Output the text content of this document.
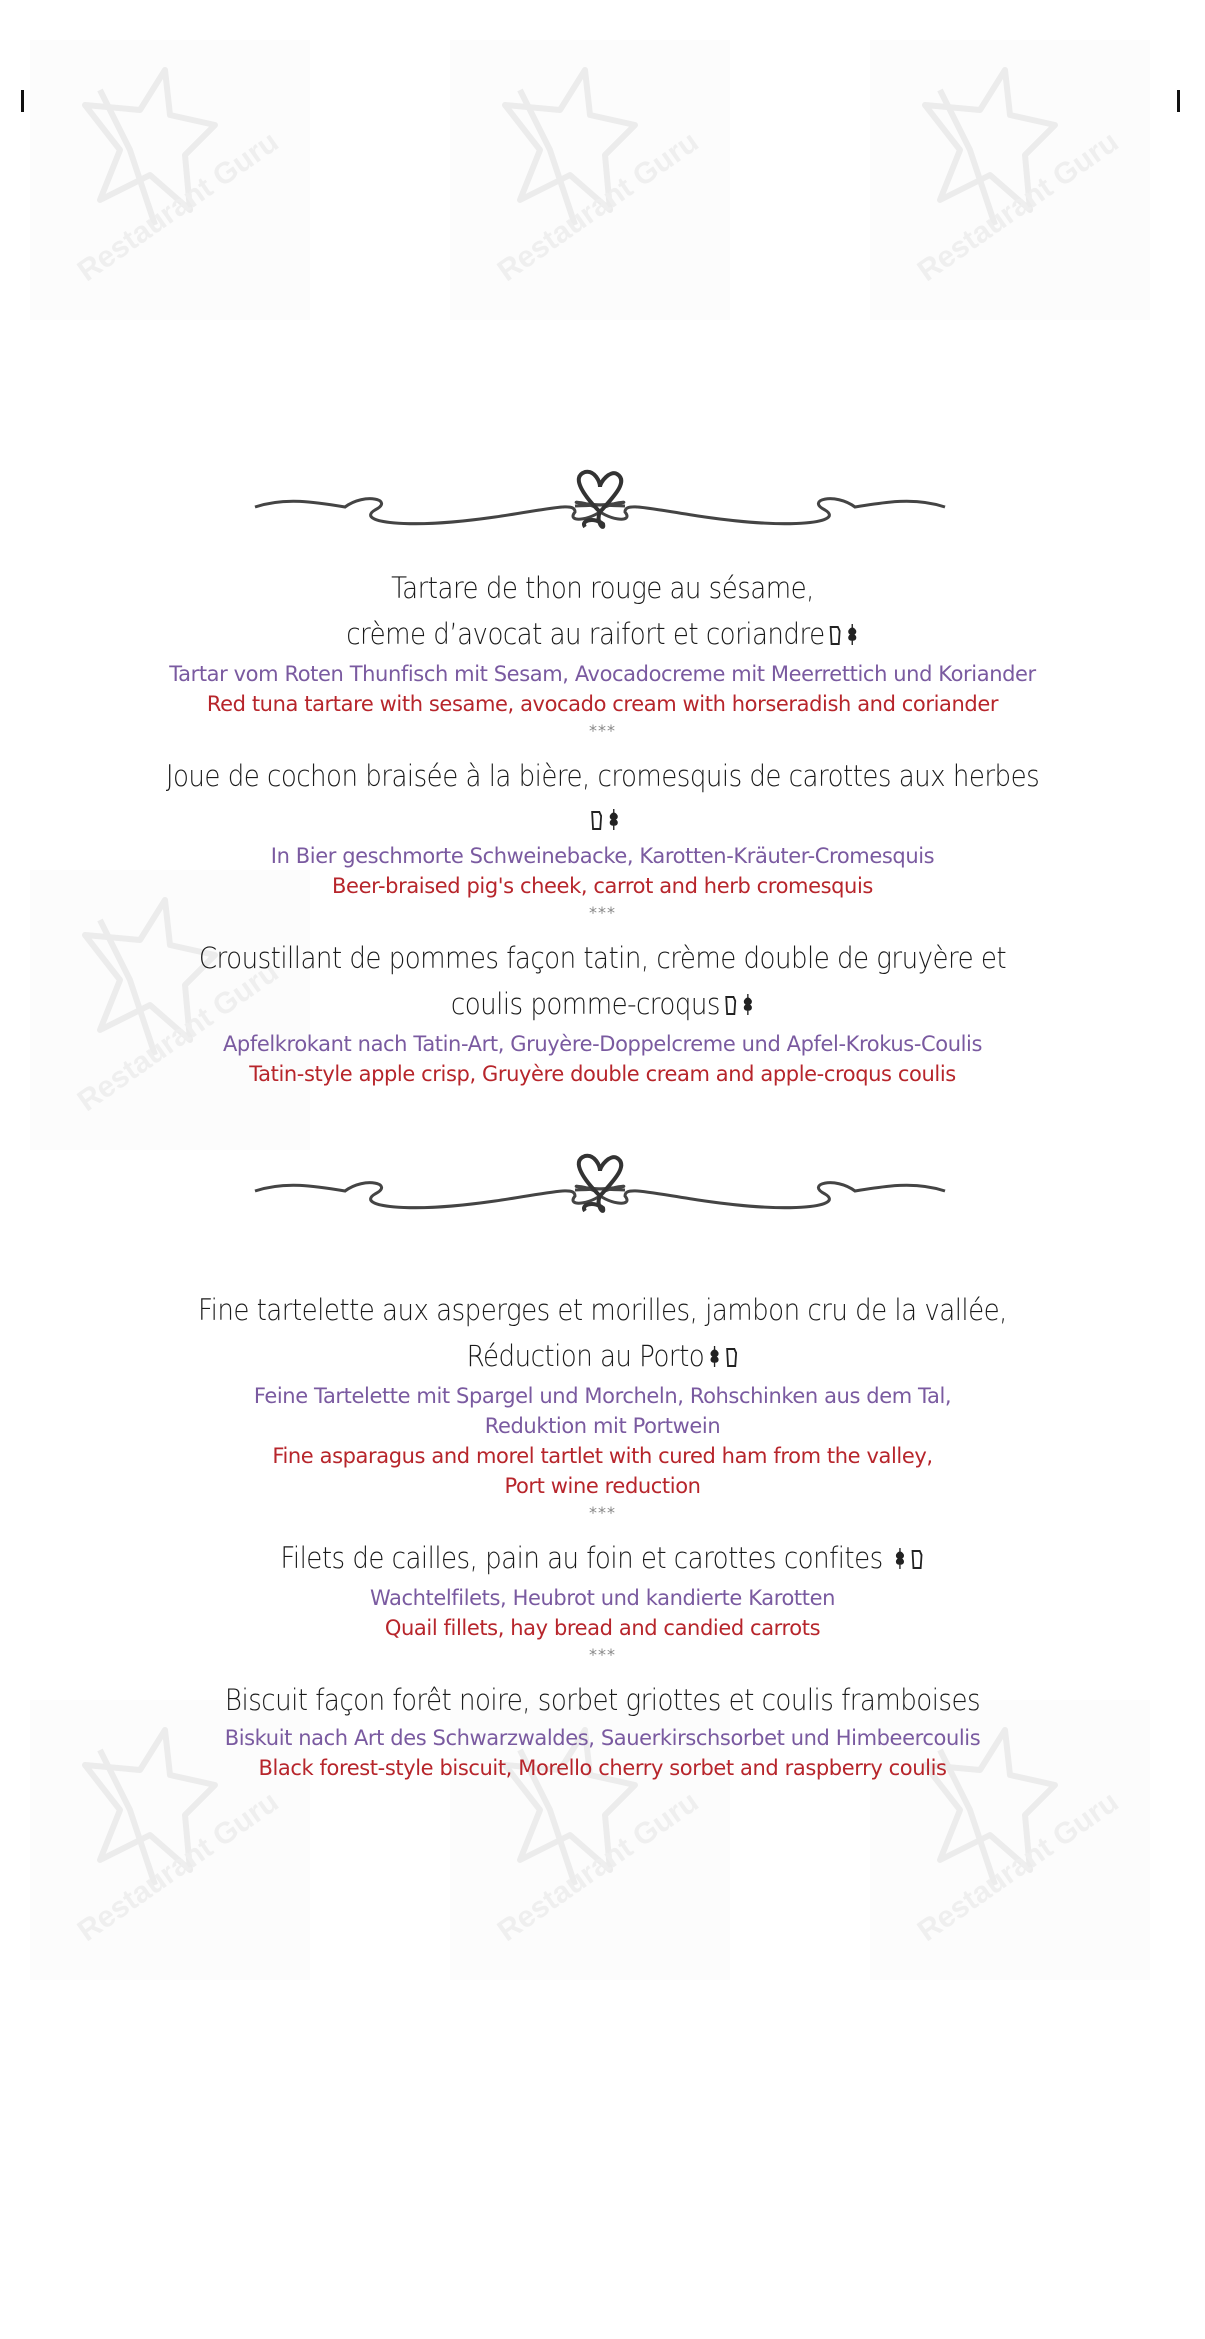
Restaurant Guru	Restaurant Guru	Restaurant Guru
Restaurant Guru
Restaurant Guru	Restaurant Guru
Restaurant Guru
Tartare de thon rouge au sésame,
crème d’avocat au raifort et coriandre
Tartar vom Roten Thunfisch mit Sesam, Avocadocreme mit Meerrettich und Koriander
Red tuna tartare with sesame, avocado cream with horseradish and coriander
***
Joue de cochon braisée à la bière, cromesquis de carottes aux herbes
In Bier geschmorte Schweinebacke, Karotten-Kräuter-Cromesquis
Beer-braised pig's cheek, carrot and herb cromesquis
***
Croustillant de pommes façon tatin, crème double de gruyère et
coulis pomme-croqus
Apfelkrokant nach Tatin-Art, Gruyère-Doppelcreme und Apfel-Krokus-Coulis
Tatin-style apple crisp, Gruyère double cream and apple-croqus coulis
Fine tartelette aux asperges et morilles, jambon cru de la vallée,
Réduction au Porto
Feine Tartelette mit Spargel und Morcheln, Rohschinken aus dem Tal,
Reduktion mit Portwein
Fine asparagus and morel tartlet with cured ham from the valley,
Port wine reduction
***
Filets de cailles, pain au foin et carottes confites
Wachtelfilets, Heubrot und kandierte Karotten
Quail fillets, hay bread and candied carrots
***
Biscuit façon forêt noire, sorbet griottes et coulis framboises
Biskuit nach Art des Schwarzwaldes, Sauerkirschsorbet und Himbeercoulis
Black forest-style biscuit, Morello cherry sorbet and raspberry coulis
